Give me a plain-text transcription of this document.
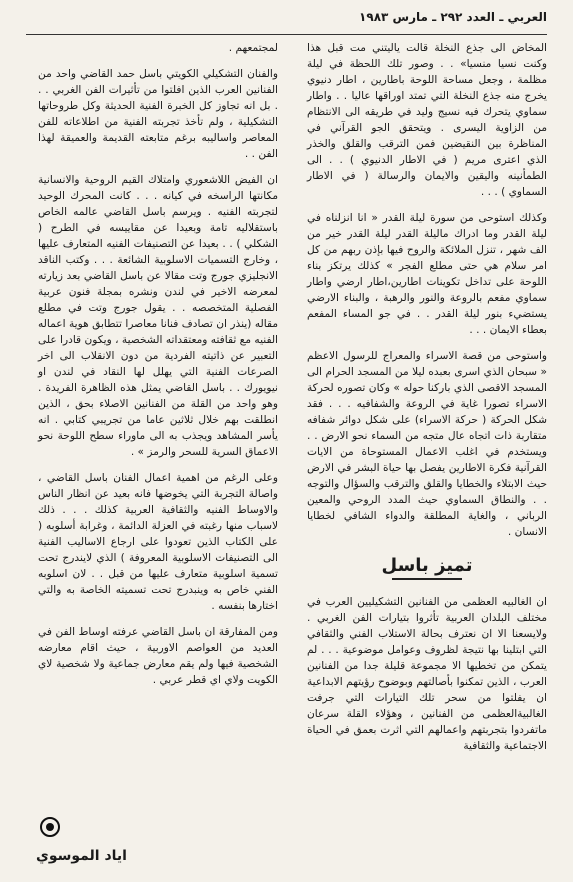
العربي ـ العدد ٢٩٢ ـ مارس ١٩٨٣

المخاض الى جذع النخلة قالت ياليتني مت قبل هذا وكنت نسيا منسيا» . . وصور تلك اللحظة في ليلة مظلمة ، وجعل مساحة اللوحة باطارين ، اطار دنيوي يخرج منه جذع النخلة التي تمتد اوراقها عاليا . . واطار سماوي يتحرك فيه نسيج وليد في طريقه الى الانتظام من الزاوية اليسرى . ويتحقق الجو القرآني في المناظرة بين النقيضين فمن الترقب والقلق والخذر الذي اعترى مريم ( في الاطار الدنيوي ) . . الى الطمأنينه واليقين والايمان والرسالة ( في الاطار السماوي ) . . .

وكذلك استوحى من سورة ليلة القدر « انا انزلناه في ليلة القدر وما ادراك ماليلة القدر ليلة القدر خير من الف شهر ، تنزل الملائكة والروح فيها بإذن ربهم من كل امر سلام هي حتى مطلع الفجر » كذلك يرتكز بناء اللوحة على تداخل تكوينات اطارين،اطار ارضي واطار سماوي مفعم بالروعة والنور والرهبة ، والبناء الارضي يستضيء بنور ليلة القدر . . في جو المساء المفعم بعطاء الايمان . . .

واستوحى من قصة الاسراء والمعراج للرسول الاعظم « سبحان الذي اسرى بعبده ليلا من المسجد الحرام الى المسجد الاقصى الذي باركنا حوله » وكان تصوره لحركة الاسراء تصورا غاية في الروعة والشفافيه . . . فقد شكل الحركة ( حركة الاسراء) على شكل دوائر شفافه متقاربة ذات اتجاه عال متجه من السماء نحو الارض . . ويستخدم في اغلب الاعمال المستوحاة من الايات القرآنية فكرة الاطارين يفصل بها حياة البشر في الارض حيث الابتلاء والخطايا والقلق والترقب والسؤال والتوجه . . والنطاق السماوي حيث المدد الروحي والمعين الرباني ، والغاية المطلقة والدواء الشافي لخطايا الانسان .

تميز باسل

ان الغالبيه العظمى من الفنانين التشكيليين العرب في مختلف البلدان العربية تأثروا بتيارات الفن الغربي . ولايسعنا الا ان نعترف بحالة الاستلاب الفني والثقافي التي ابتلينا بها نتيجة لظروف وعوامل موضوعية . . . لم يتمكن من تخطيها الا مجموعة قليلة جدا من الفنانين العرب ، الذين تمكنوا بأصالتهم وبوضوح رؤيتهم الابداعية ان يفلتوا من سحر تلك التيارات التي جرفت الغالبيةالعظمى من الفنانين ، وهؤلاء القلة سرعان ماتفردوا بتجربتهم واعمالهم التي اثرت بعمق في الحياة الاجتماعية والثقافية

لمجتمعهم .

والفنان التشكيلي الكويتي باسل حمد القاضي واحد من الفنانين العرب الذين افلتوا من تأثيرات الفن الغربي . . . بل انه تجاوز كل الخبرة الفنية الحديثة وكل طروحاتها التشكيلية ، ولم تأخذ تجربته الفنية من اطلاعاته للفن المعاصر واساليبه برغم متابعته القديمة والعميقة لهذا الفن . .

ان الفيض اللاشعوري وامتلاك القيم الروحية والانسانية مكانتها الراسخه في كيانه . . . كانت المحرك الوحيد لتجربته الفنيه . ويرسم باسل القاضي عالمه الخاص باستقلاليه تامة وبعيدا عن مقاييسه في الطرح ( الشكلي ) . . بعيدا عن التصنيفات الفنيه المتعارف عليها ، وخارج التسميات الاسلوبية الشائعة . . . وكتب الناقد الانجليزي جورج وتت مقالا عن باسل القاضي بعد زيارته لمعرضه الاخير في لندن ونشره بمجلة فنون عربية الفصلية المتخصصه . . يقول جورج وتت في مطلع مقاله (ينذر ان تصادف فنانا معاصرا تتطابق هوية اعماله الفنيه مع ثقافته ومعتقداته الشخصية ، ويكون قادرا على التعبير عن ذاتيته الفردية من دون الانقلاب الى اخر الصرعات الفنية التي يهلل لها النقاد في لندن او نيويورك . . باسل القاضي يمثل هذه الظاهرة الفريدة . وهو واحد من القلة من الفنانين الاصلاء بحق ، الذين انطلقت بهم خلال ثلاثين عاما من تجريبي كتابي . انه يأسر المشاهد ويجذب به الى ماوراء سطح اللوحة نحو الاعماق السرية للسحر والرمز » .

وعلى الرغم من اهمية اعمال الفنان باسل القاضي ، واصالة التجربة التي يخوضها فانه بعيد عن انظار الناس والاوساط الفنيه والثقافية العربية كذلك . . . ذلك لاسباب منها رغبته في العزلة الدائمة ، وغرابة أسلوبه ( على الكتاب الذين تعودوا على ارجاع الاساليب الفنية الى التصنيفات الاسلوبية المعروفة ) الذي لايندرج تحت تسمية اسلوبية متعارف عليها من قبل . . لان اسلوبه الفني خاص به وينبدرج تحت تسميته الخاصة به والتي اختارها بنفسه .

ومن المفارقة ان باسل القاضي عرفته اوساط الفن في العديد من العواصم الاوربية ، حيث اقام معارضه الشخصية فيها ولم يقم معارض جماعية ولا شخصية لاي الكويت ولاي اي قطر عربي .

اياد الموسوي
